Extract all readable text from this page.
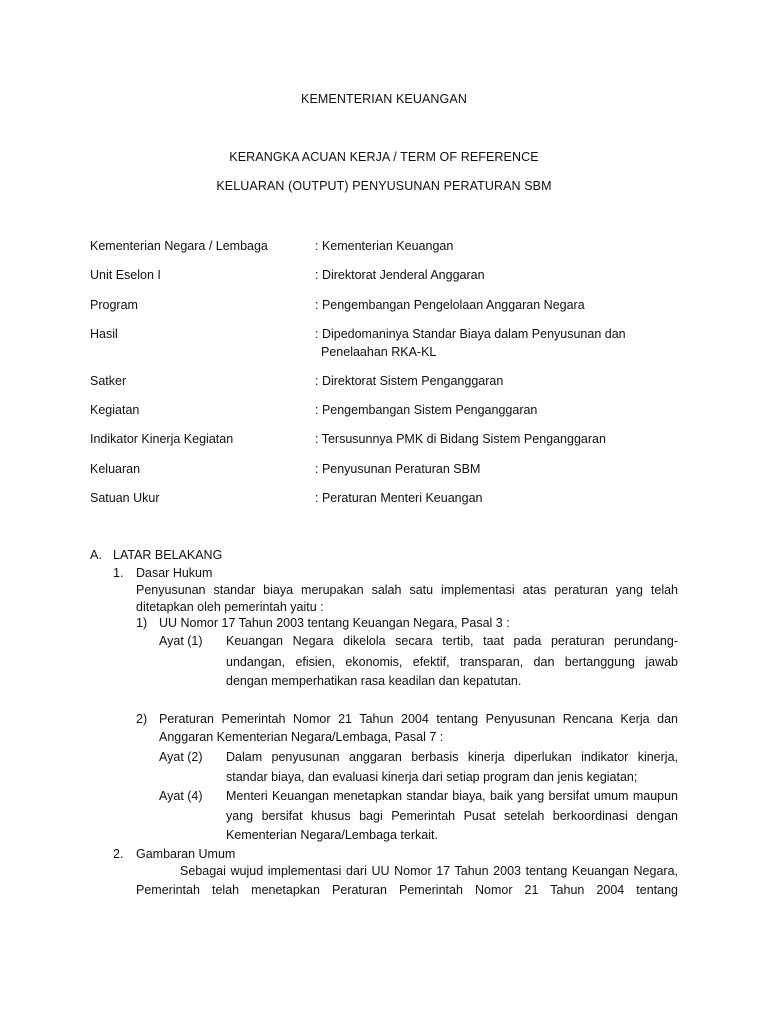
KEMENTERIAN KEUANGAN
KERANGKA ACUAN KERJA / TERM OF REFERENCE
KELUARAN (OUTPUT) PENYUSUNAN PERATURAN SBM
Kementerian Negara / Lembaga	: Kementerian Keuangan
Unit Eselon I	: Direktorat Jenderal Anggaran
Program	: Pengembangan Pengelolaan Anggaran Negara
Hasil	: Dipedomaninya Standar Biaya dalam Penyusunan dan
Penelaahan RKA-KL
Satker	: Direktorat Sistem Penganggaran
Kegiatan	: Pengembangan Sistem Penganggaran
Indikator Kinerja Kegiatan	: Tersusunnya PMK di Bidang Sistem Penganggaran
Keluaran	: Penyusunan Peraturan SBM
Satuan Ukur	: Peraturan Menteri Keuangan
A. LATAR BELAKANG
1. Dasar Hukum
Penyusunan standar biaya merupakan salah satu implementasi atas peraturan yang telah
ditetapkan oleh pemerintah yaitu :
1) UU Nomor 17 Tahun 2003 tentang Keuangan Negara, Pasal 3 :
Ayat (1) Keuangan Negara dikelola secara tertib, taat pada peraturan perundang-
undangan, efisien, ekonomis, efektif, transparan, dan bertanggung jawab
dengan memperhatikan rasa keadilan dan kepatutan.
2) Peraturan Pemerintah Nomor 21 Tahun 2004 tentang Penyusunan Rencana Kerja dan
Anggaran Kementerian Negara/Lembaga, Pasal 7 :
Ayat (2) Dalam penyusunan anggaran berbasis kinerja diperlukan indikator kinerja,
standar biaya, dan evaluasi kinerja dari setiap program dan jenis kegiatan;
Ayat (4) Menteri Keuangan menetapkan standar biaya, baik yang bersifat umum maupun
yang bersifat khusus bagi Pemerintah Pusat setelah berkoordinasi dengan
Kementerian Negara/Lembaga terkait.
2. Gambaran Umum
Sebagai wujud implementasi dari UU Nomor 17 Tahun 2003 tentang Keuangan Negara,
Pemerintah telah menetapkan Peraturan Pemerintah Nomor 21 Tahun 2004 tentang
